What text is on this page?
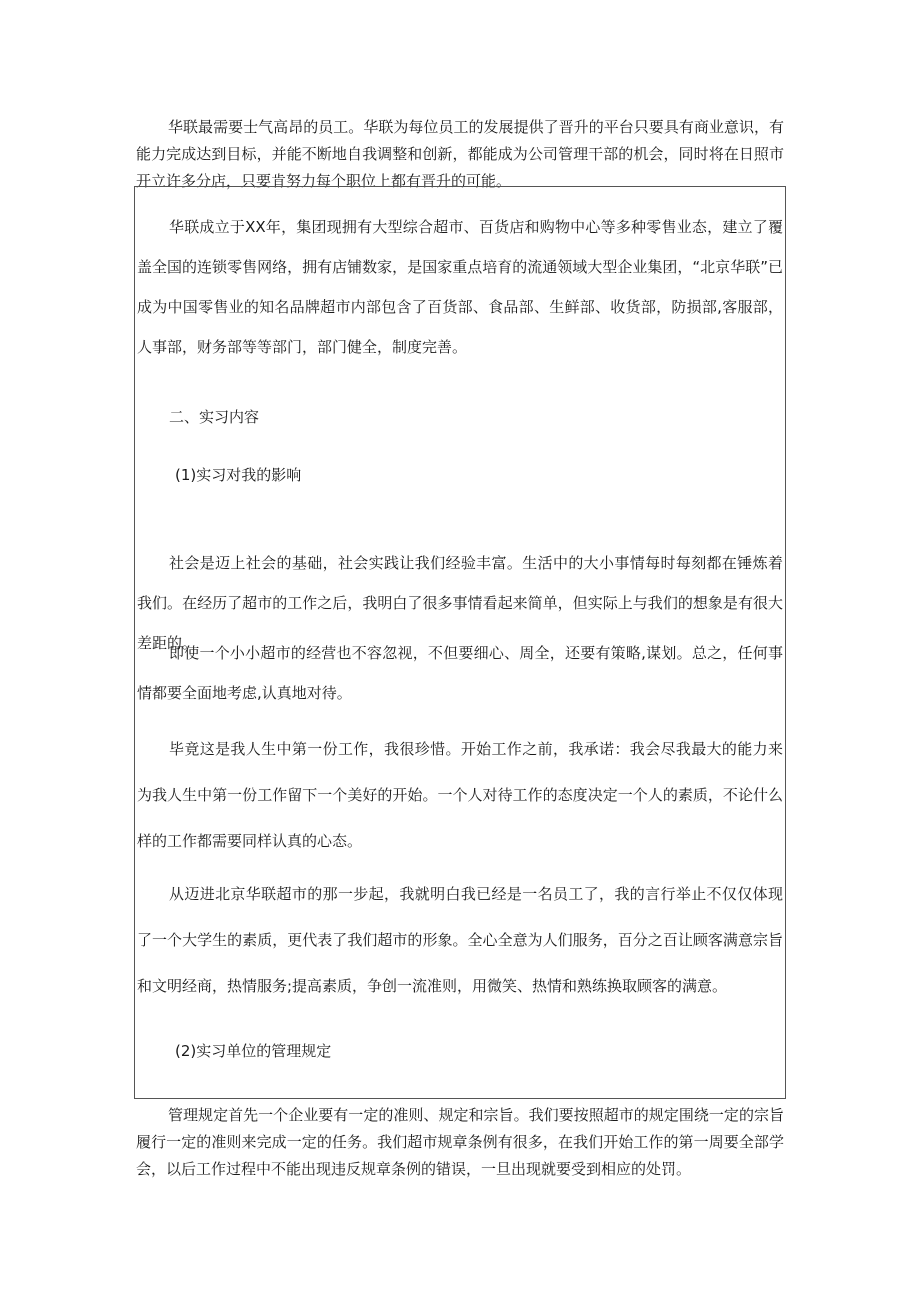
华联最需要士气高昂的员工。华联为每位员工的发展提供了晋升的平台只要具有商业意识，有能力完成达到目标，并能不断地自我调整和创新，都能成为公司管理干部的机会，同时将在日照市开立许多分店，只要肯努力每个职位上都有晋升的可能。

华联成立于XX年，集团现拥有大型综合超市、百货店和购物中心等多种零售业态，建立了覆盖全国的连锁零售网络，拥有店铺数家，是国家重点培育的流通领域大型企业集团，“北京华联”已成为中国零售业的知名品牌超市内部包含了百货部、食品部、生鲜部、收货部，防损部,客服部，人事部，财务部等等部门，部门健全，制度完善。

二、实习内容

(1)实习对我的影响

社会是迈上社会的基础，社会实践让我们经验丰富。生活中的大小事情每时每刻都在锤炼着我们。在经历了超市的工作之后，我明白了很多事情看起来简单，但实际上与我们的想象是有很大差距的。

即使一个小小超市的经营也不容忽视，不但要细心、周全，还要有策略,谋划。总之，任何事情都要全面地考虑,认真地对待。

毕竟这是我人生中第一份工作，我很珍惜。开始工作之前，我承诺：我会尽我最大的能力来为我人生中第一份工作留下一个美好的开始。一个人对待工作的态度决定一个人的素质，不论什么样的工作都需要同样认真的心态。

从迈进北京华联超市的那一步起，我就明白我已经是一名员工了，我的言行举止不仅仅体现了一个大学生的素质，更代表了我们超市的形象。全心全意为人们服务，百分之百让顾客满意宗旨和文明经商，热情服务;提高素质，争创一流准则，用微笑、热情和熟练换取顾客的满意。

(2)实习单位的管理规定

管理规定首先一个企业要有一定的准则、规定和宗旨。我们要按照超市的规定围绕一定的宗旨履行一定的准则来完成一定的任务。我们超市规章条例有很多，在我们开始工作的第一周要全部学会，以后工作过程中不能出现违反规章条例的错误，一旦出现就要受到相应的处罚。
